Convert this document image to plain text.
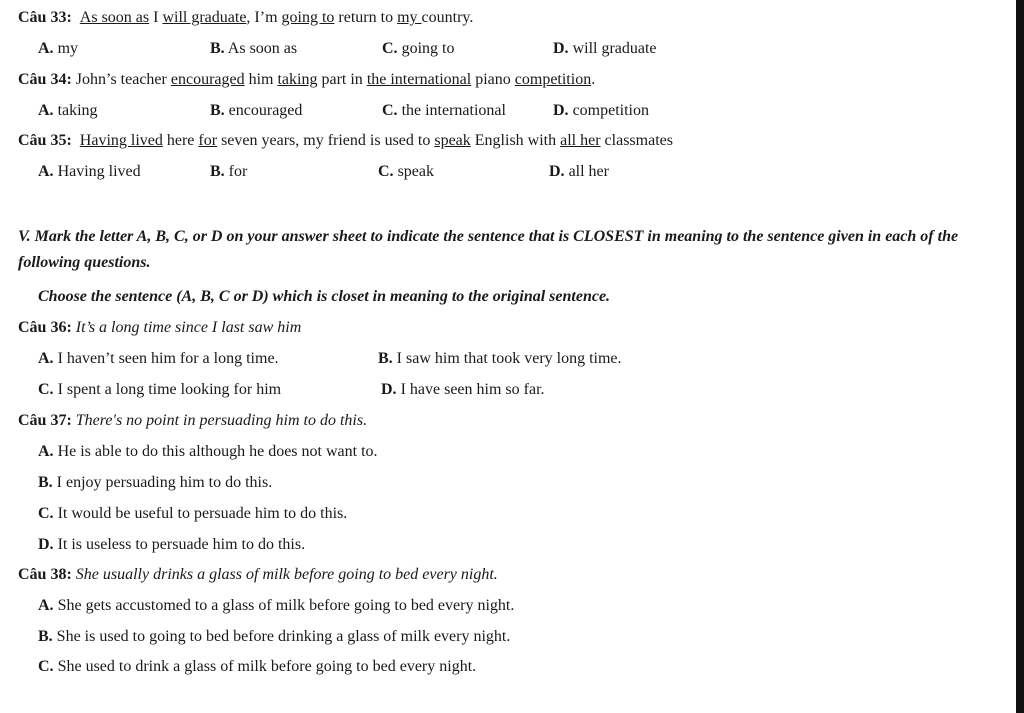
Câu 33: As soon as I will graduate, I’m going to return to my country.
A. my	B. As soon as	C. going to	D. will graduate
Câu 34: John’s teacher encouraged him taking part in the international piano competition.
A. taking	B. encouraged	C. the international	D. competition
Câu 35: Having lived here for seven years, my friend is used to speak English with all her classmates
A. Having lived	B. for	C. speak	D. all her
V. Mark the letter A, B, C, or D on your answer sheet to indicate the sentence that is CLOSEST in meaning to the sentence given in each of the following questions.
Choose the sentence (A, B, C or D) which is closet in meaning to the original sentence.
Câu 36: It’s a long time since I last saw him
A. I haven’t seen him for a long time.	B. I saw him that took very long time.
C. I spent a long time looking for him	D. I have seen him so far.
Câu 37: There's no point in persuading him to do this.
A. He is able to do this although he does not want to.
B. I enjoy persuading him to do this.
C. It would be useful to persuade him to do this.
D. It is useless to persuade him to do this.
Câu 38: She usually drinks a glass of milk before going to bed every night.
A. She gets accustomed to a glass of milk before going to bed every night.
B. She is used to going to bed before drinking a glass of milk every night.
C. She used to drink a glass of milk before going to bed every night.
